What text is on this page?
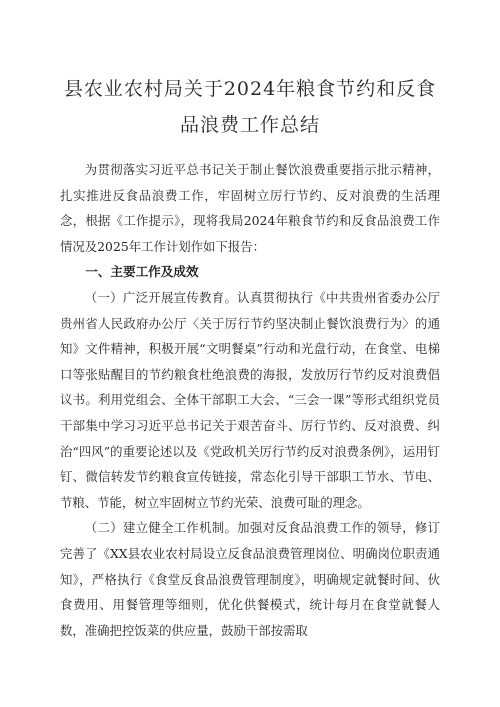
县农业农村局关于2024年粮食节约和反食
品浪费工作总结

为贯彻落实习近平总书记关于制止餐饮浪费重要指示批示精神，扎实推进反食品浪费工作，牢固树立厉行节约、反对浪费的生活理念，根据《工作提示》，现将我局2024年粮食节约和反食品浪费工作情况及2025年工作计划作如下报告：

一、主要工作及成效

（一）广泛开展宣传教育。认真贯彻执行《中共贵州省委办公厅贵州省人民政府办公厅〈关于厉行节约坚决制止餐饮浪费行为〉的通知》文件精神，积极开展“文明餐桌”行动和光盘行动，在食堂、电梯口等张贴醒目的节约粮食杜绝浪费的海报，发放厉行节约反对浪费倡议书。利用党组会、全体干部职工大会、“三会一课”等形式组织党员干部集中学习习近平总书记关于艰苦奋斗、厉行节约、反对浪费、纠治“四风”的重要论述以及《党政机关厉行节约反对浪费条例》，运用钉钉、微信转发节约粮食宣传链接，常态化引导干部职工节水、节电、节粮、节能，树立牢固树立节约光荣、浪费可耻的理念。

（二）建立健全工作机制。加强对反食品浪费工作的领导，修订完善了《XX县农业农村局设立反食品浪费管理岗位、明确岗位职责通知》，严格执行《食堂反食品浪费管理制度》，明确规定就餐时间、伙食费用、用餐管理等细则，优化供餐模式，统计每月在食堂就餐人数，准确把控饭菜的供应量，鼓励干部按需取
